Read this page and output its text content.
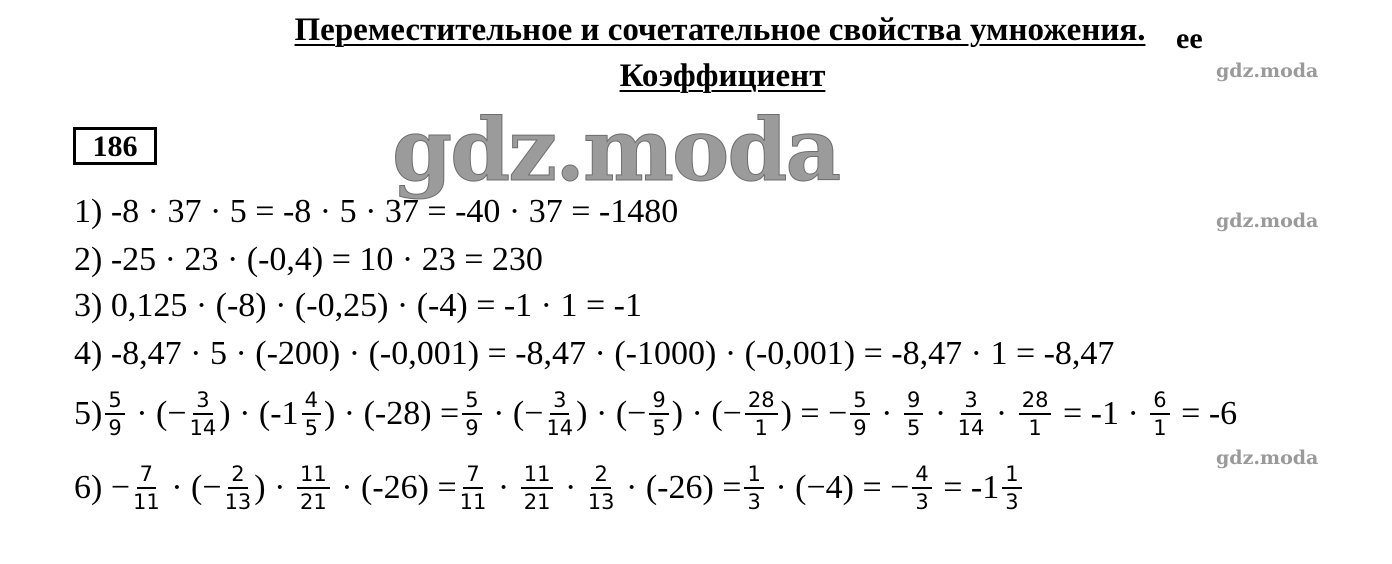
Переместительное и сочетательное свойства умножения.	ее
Коэффициент
186	gdz.moda
gdz.moda
gdz.moda
gdz.moda
1) -8 · 37 · 5 = -8 · 5 · 37 = -40 · 37 = -1480
2) -25 · 23 · (-0,4) = 10 · 23 = 230
3) 0,125 · (-8) · (-0,25) · (-4) = -1 · 1 = -1
4) -8,47 · 5 · (-200) · (-0,001) = -8,47 · (-1000) · (-0,001) = -8,47 · 1 = -8,47
$5) \frac{5}{9}$ · (− $\frac{3}{14}$ ) · ($-1 \frac{4}{5}$ ) · $(-28) = \frac{5}{9}$ · (− $\frac{3}{14}$ ) · (− $\frac{9}{5}$ ) · (− $\frac{28}{1}$ ) = − $\frac{5}{9} \cdot \frac{9}{5} \cdot \frac{3}{14} \cdot \frac{28}{1} = -1 \cdot \frac{6}{1} = -6$
$6) - \frac{7}{11}$ · (− $\frac{2}{13}$ ) · $\frac{11}{21} \cdot (-26) = \frac{7}{11} \cdot \frac{11}{21} \cdot \frac{2}{13} \cdot (-26) = \frac{1}{3} \cdot (-4)$ = − $\frac{4}{3} = -1 \frac{1}{3}$
